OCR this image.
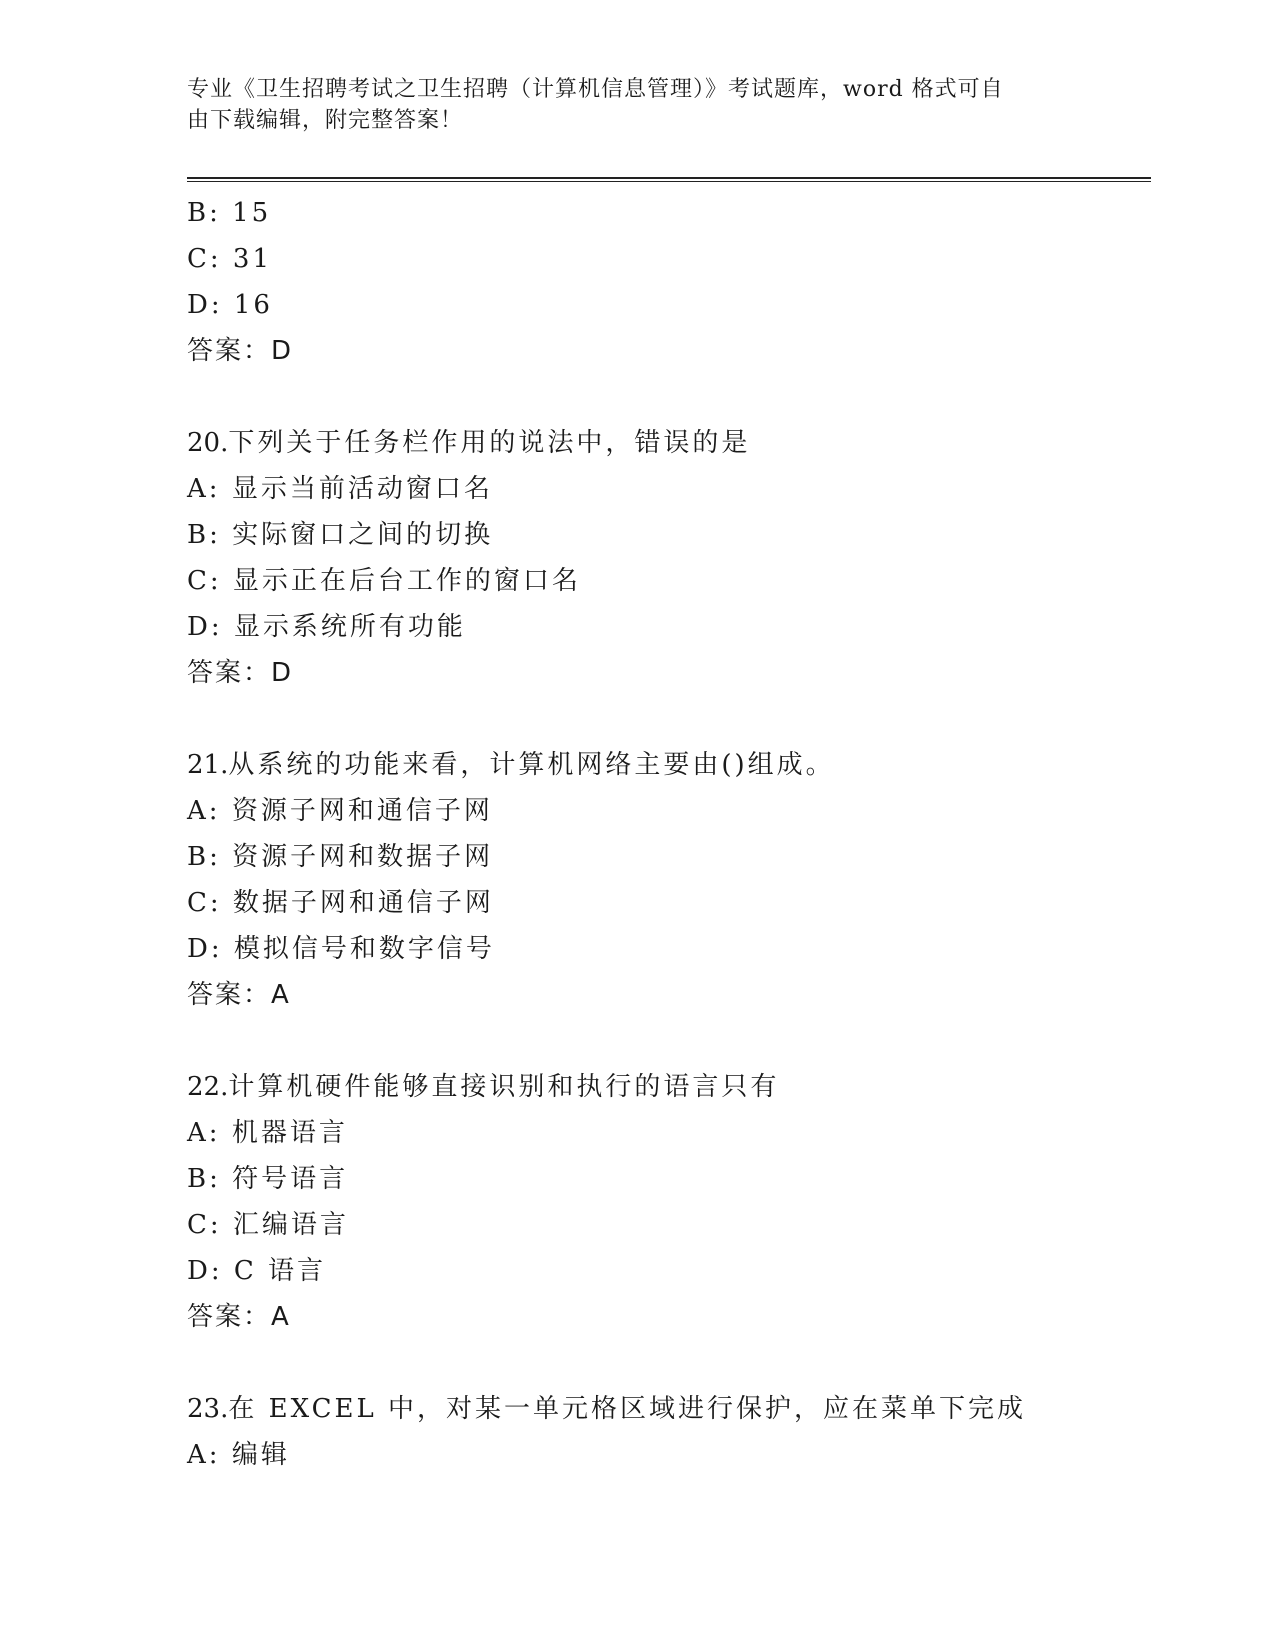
专业《卫生招聘考试之卫生招聘（计算机信息管理）》考试题库，word 格式可自
由下载编辑，附完整答案！
B: 15
C: 31
D: 16
答案：D
20.下列关于任务栏作用的说法中，错误的是
A: 显示当前活动窗口名
B: 实际窗口之间的切换
C: 显示正在后台工作的窗口名
D: 显示系统所有功能
答案：D
21.从系统的功能来看，计算机网络主要由()组成。
A: 资源子网和通信子网
B: 资源子网和数据子网
C: 数据子网和通信子网
D: 模拟信号和数字信号
答案：A
22.计算机硬件能够直接识别和执行的语言只有
A: 机器语言
B: 符号语言
C: 汇编语言
D: C 语言
答案：A
23.在 EXCEL 中，对某一单元格区域进行保护，应在菜单下完成
A: 编辑
